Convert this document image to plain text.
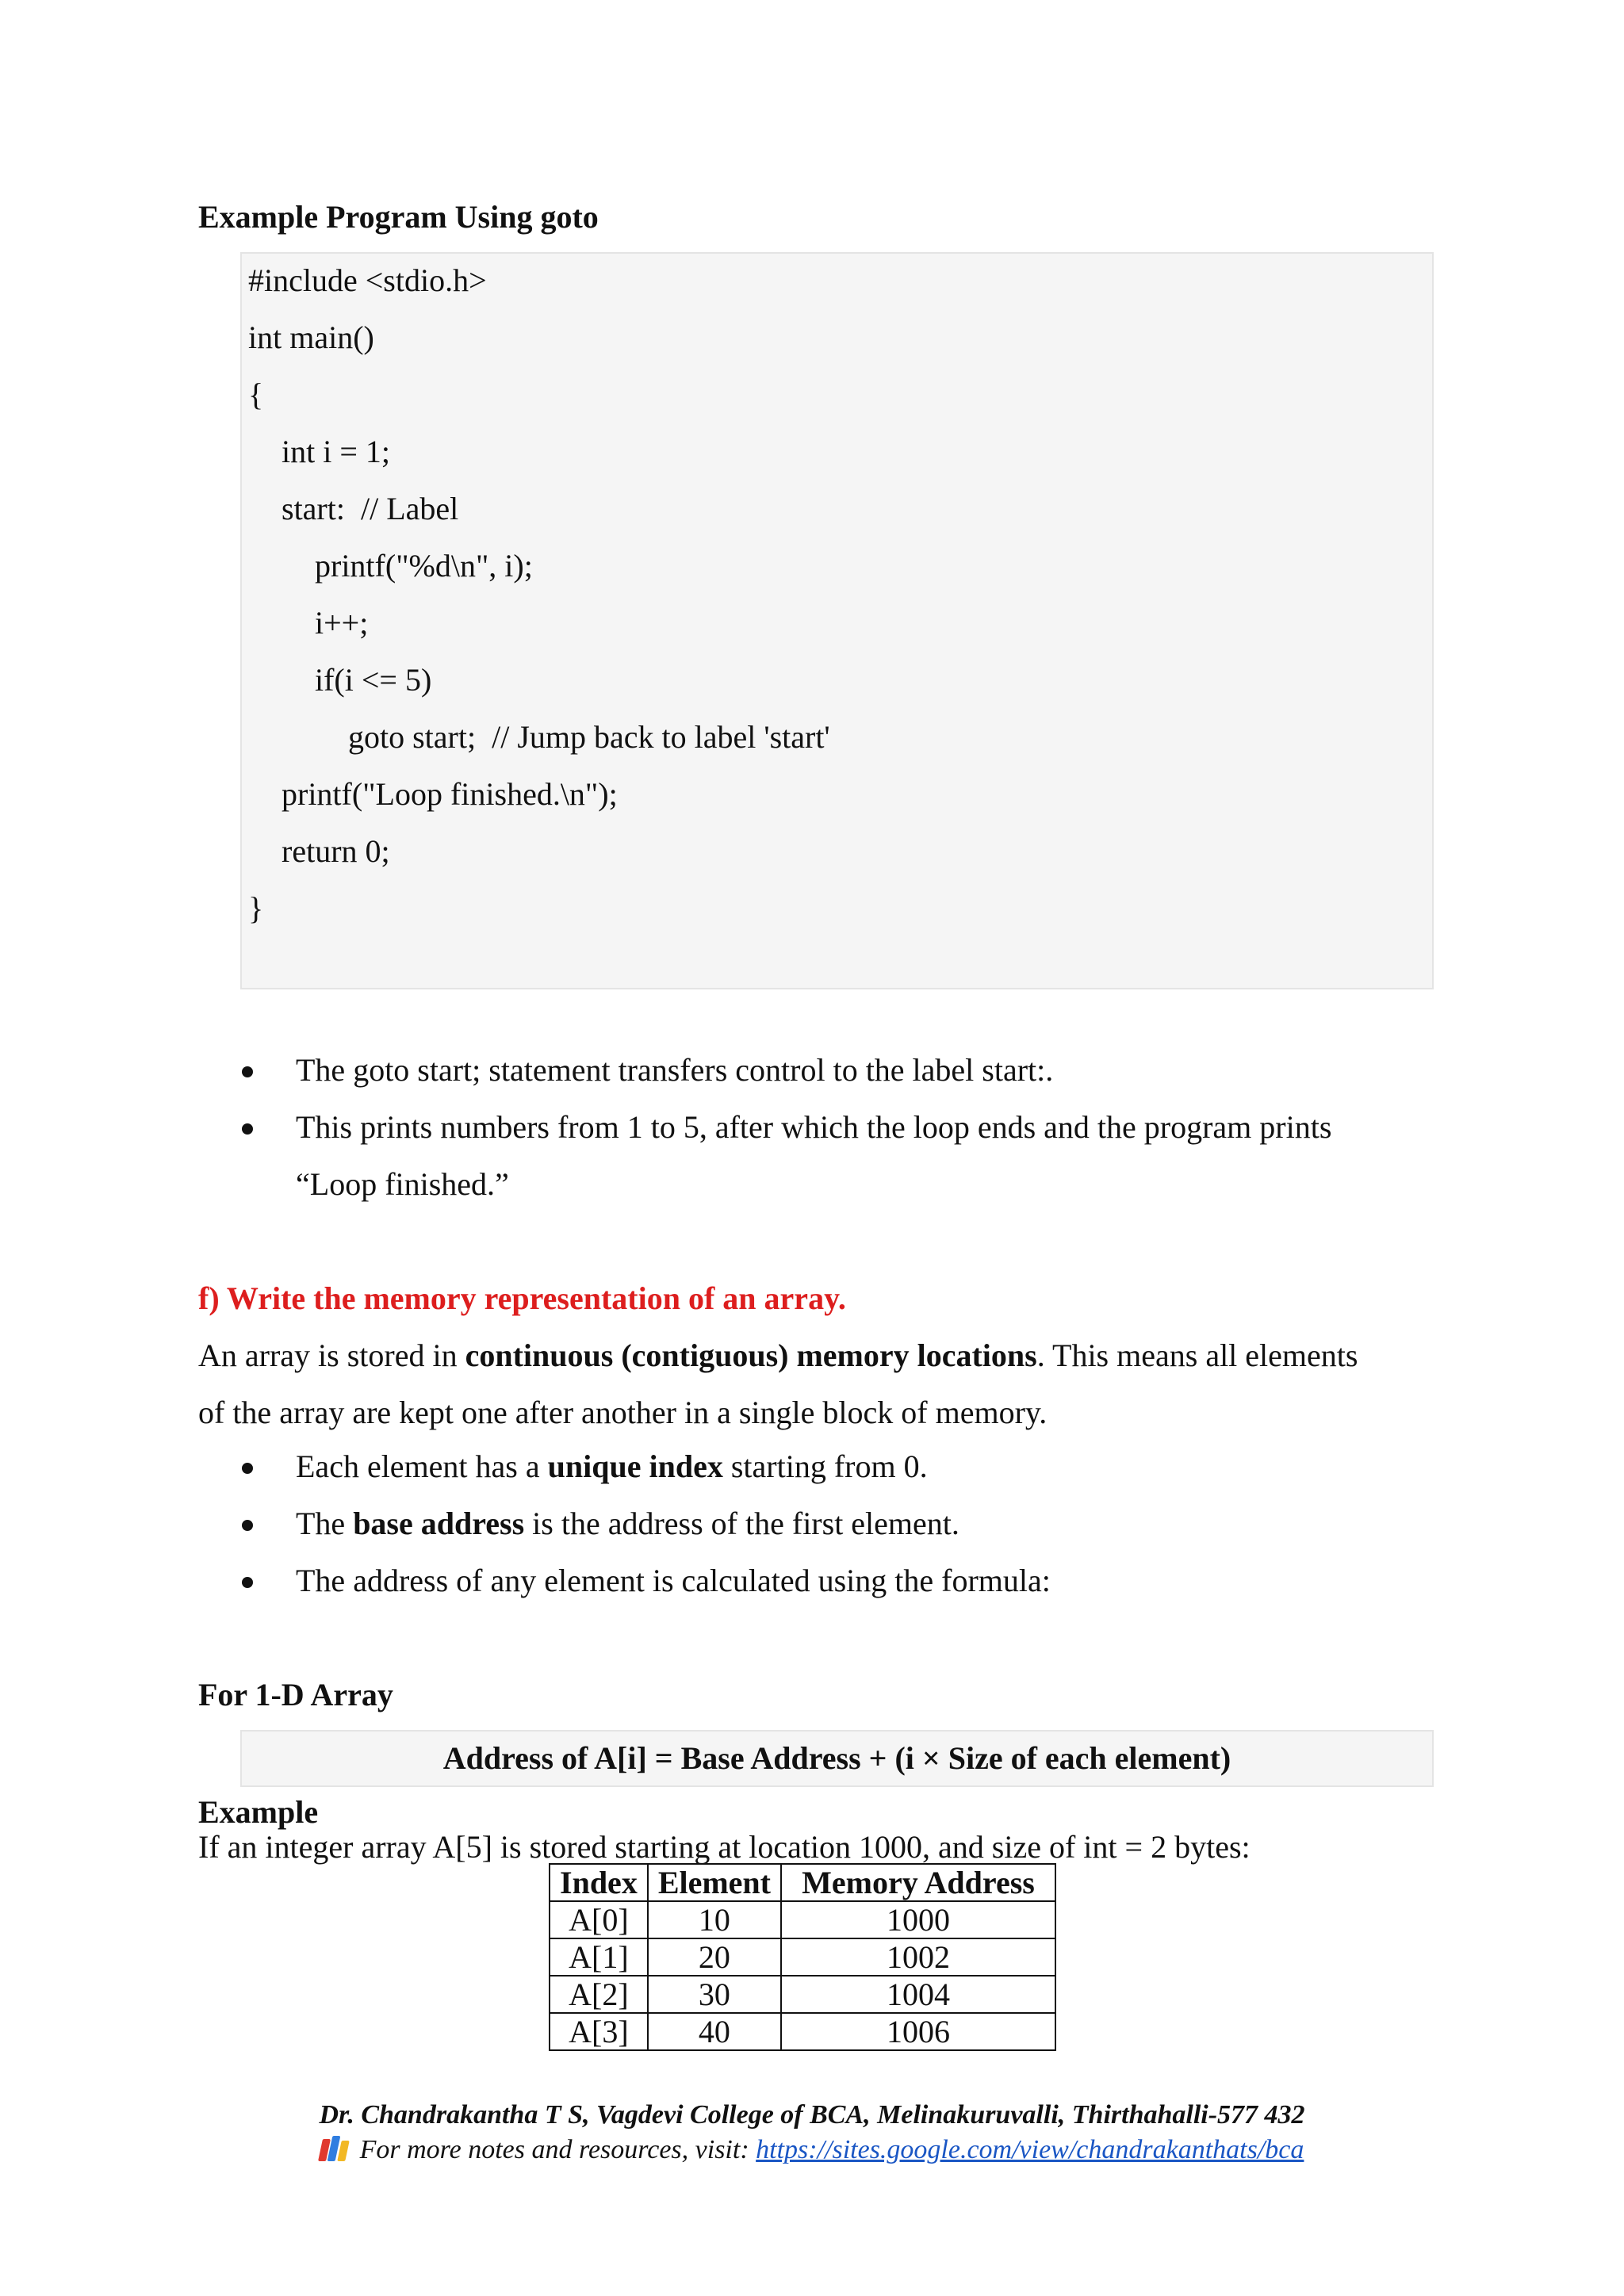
Example Program Using goto
#include <stdio.h>
int main()
{
int i = 1;
start:  // Label
printf("%d\n", i);
i++;
if(i <= 5)
goto start;  // Jump back to label 'start'
printf("Loop finished.\n");
return 0;
}
The goto start; statement transfers control to the label start:.
This prints numbers from 1 to 5, after which the loop ends and the program prints
“Loop finished.”
f) Write the memory representation of an array.
An array is stored in continuous (contiguous) memory locations. This means all elements
of the array are kept one after another in a single block of memory.
Each element has a unique index starting from 0.
The base address is the address of the first element.
The address of any element is calculated using the formula:
For 1-D Array
Address of A[i] = Base Address + (i × Size of each element)
Example
If an integer array A[5] is stored starting at location 1000, and size of int = 2 bytes:
Index	Element	Memory Address
A[0]	10	1000
A[1]	20	1002
A[2]	30	1004
A[3]	40	1006
Dr. Chandrakantha T S, Vagdevi College of BCA, Melinakuruvalli, Thirthahalli-577 432
For more notes and resources, visit: https://sites.google.com/view/chandrakanthats/bca
